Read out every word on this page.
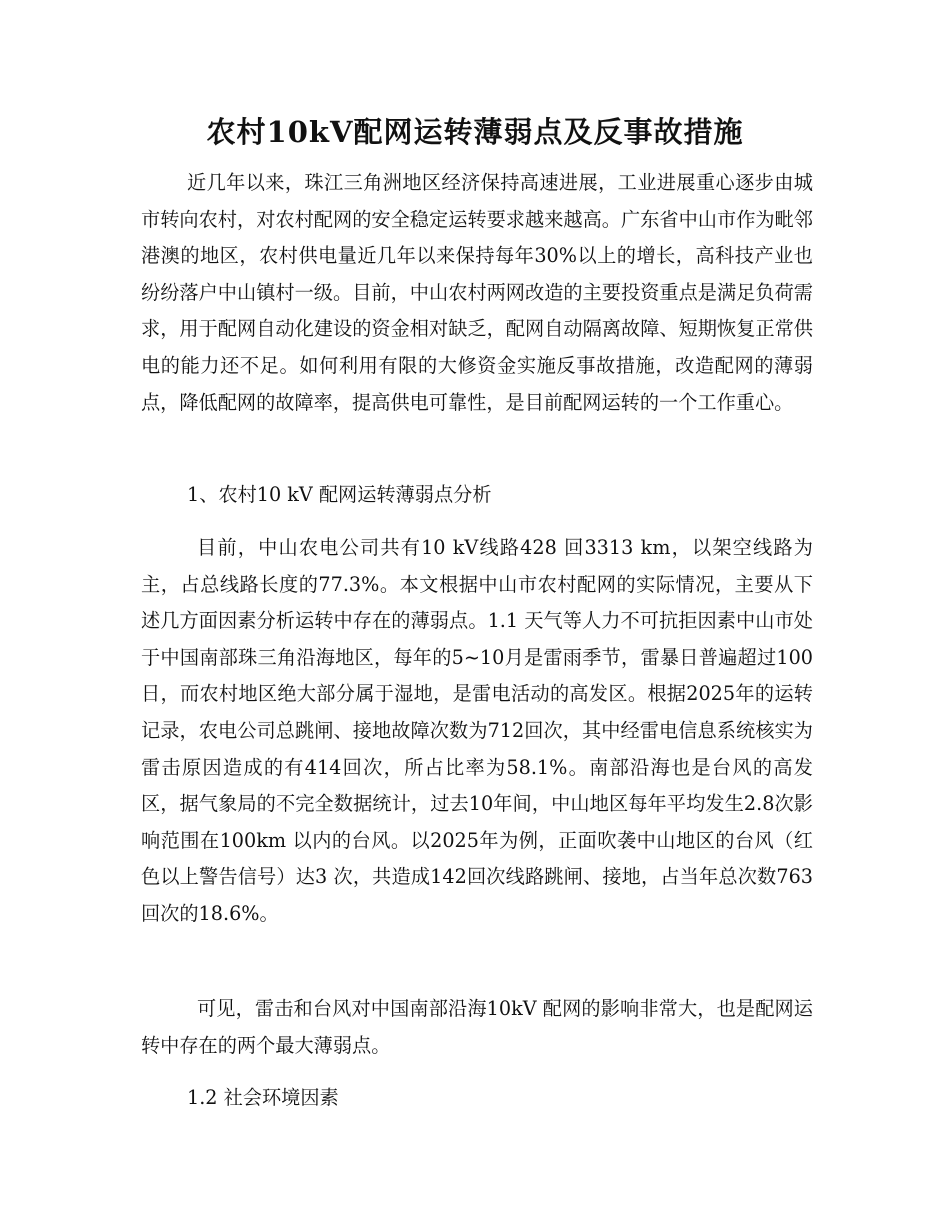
农村10kV配网运转薄弱点及反事故措施

近几年以来，珠江三角洲地区经济保持高速进展，工业进展重心逐步由城市转向农村，对农村配网的安全稳定运转要求越来越高。广东省中山市作为毗邻港澳的地区，农村供电量近几年以来保持每年30%以上的增长，高科技产业也纷纷落户中山镇村一级。目前，中山农村两网改造的主要投资重点是满足负荷需求，用于配网自动化建设的资金相对缺乏，配网自动隔离故障、短期恢复正常供电的能力还不足。如何利用有限的大修资金实施反事故措施，改造配网的薄弱点，降低配网的故障率，提高供电可靠性，是目前配网运转的一个工作重心。

1、农村10 kV 配网运转薄弱点分析

目前，中山农电公司共有10 kV线路428 回3313 km，以架空线路为主，占总线路长度的77.3%。本文根据中山市农村配网的实际情况，主要从下述几方面因素分析运转中存在的薄弱点。1.1 天气等人力不可抗拒因素中山市处于中国南部珠三角沿海地区，每年的5~10月是雷雨季节，雷暴日普遍超过100日，而农村地区绝大部分属于湿地，是雷电活动的高发区。根据2025年的运转记录，农电公司总跳闸、接地故障次数为712回次，其中经雷电信息系统核实为雷击原因造成的有414回次，所占比率为58.1%。南部沿海也是台风的高发区，据气象局的不完全数据统计，过去10年间，中山地区每年平均发生2.8次影响范围在100km 以内的台风。以2025年为例，正面吹袭中山地区的台风（红色以上警告信号）达3 次，共造成142回次线路跳闸、接地，占当年总次数763 回次的18.6%。

可见，雷击和台风对中国南部沿海10kV 配网的影响非常大，也是配网运转中存在的两个最大薄弱点。

1.2 社会环境因素
